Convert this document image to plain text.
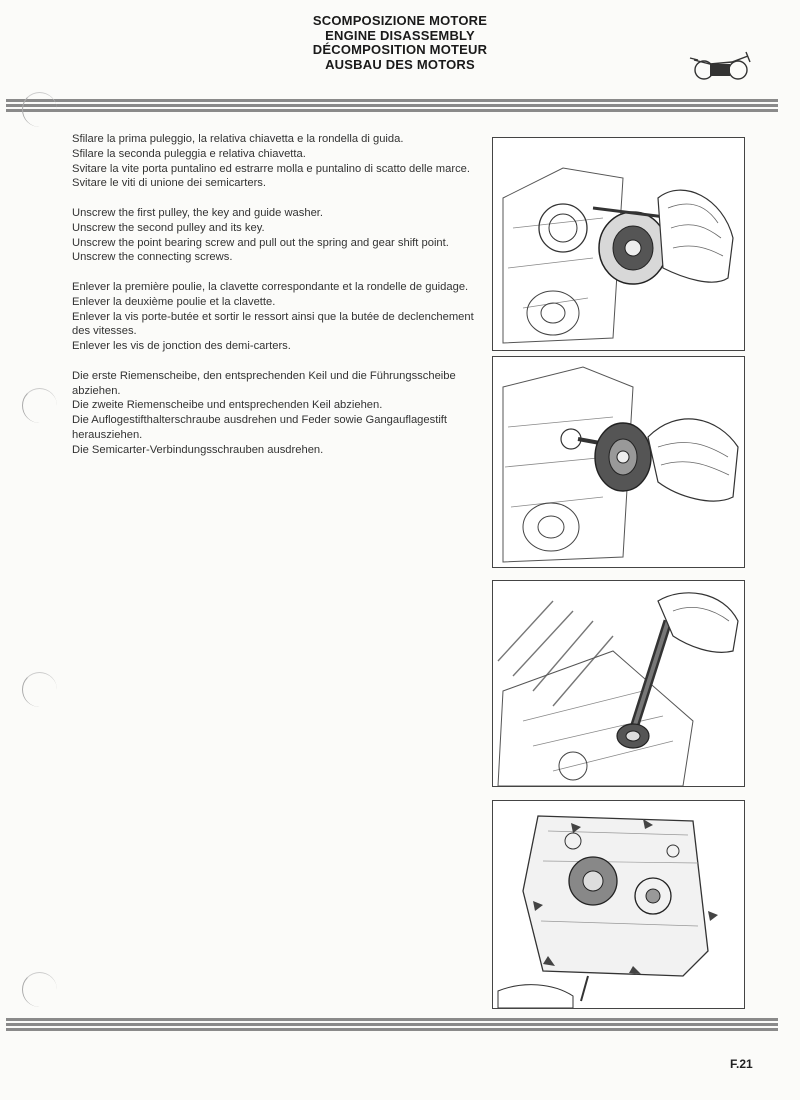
SCOMPOSIZIONE MOTORE
ENGINE DISASSEMBLY
DÉCOMPOSITION MOTEUR
AUSBAU DES MOTORS

Sfilare la prima puleggio, la relativa chiavetta e la rondella di guida.
Sfilare la seconda puleggia e relativa chiavetta.
Svitare la vite porta puntalino ed estrarre molla e puntalino di scatto delle marce.
Svitare le viti di unione dei semicarters.

Unscrew the first pulley, the key and guide washer.
Unscrew the second pulley and its key.
Unscrew the point bearing screw and pull out the spring and gear shift point.
Unscrew the connecting screws.

Enlever la première poulie, la clavette correspondante et la rondelle de guidage.
Enlever la deuxième poulie et la clavette.
Enlever la vis porte-butée et sortir le ressort ainsi que la butée de declenchement des vitesses.
Enlever les vis de jonction des demi-carters.

Die erste Riemenscheibe, den entsprechenden Keil und die Führungsscheibe abziehen.
Die zweite Riemenscheibe und entsprechenden Keil abziehen.
Die Auflogestifthalterschraube ausdrehen und Feder sowie Gangauflagestift herausziehen.
Die Semicarter-Verbindungsschrauben ausdrehen.

F.21
